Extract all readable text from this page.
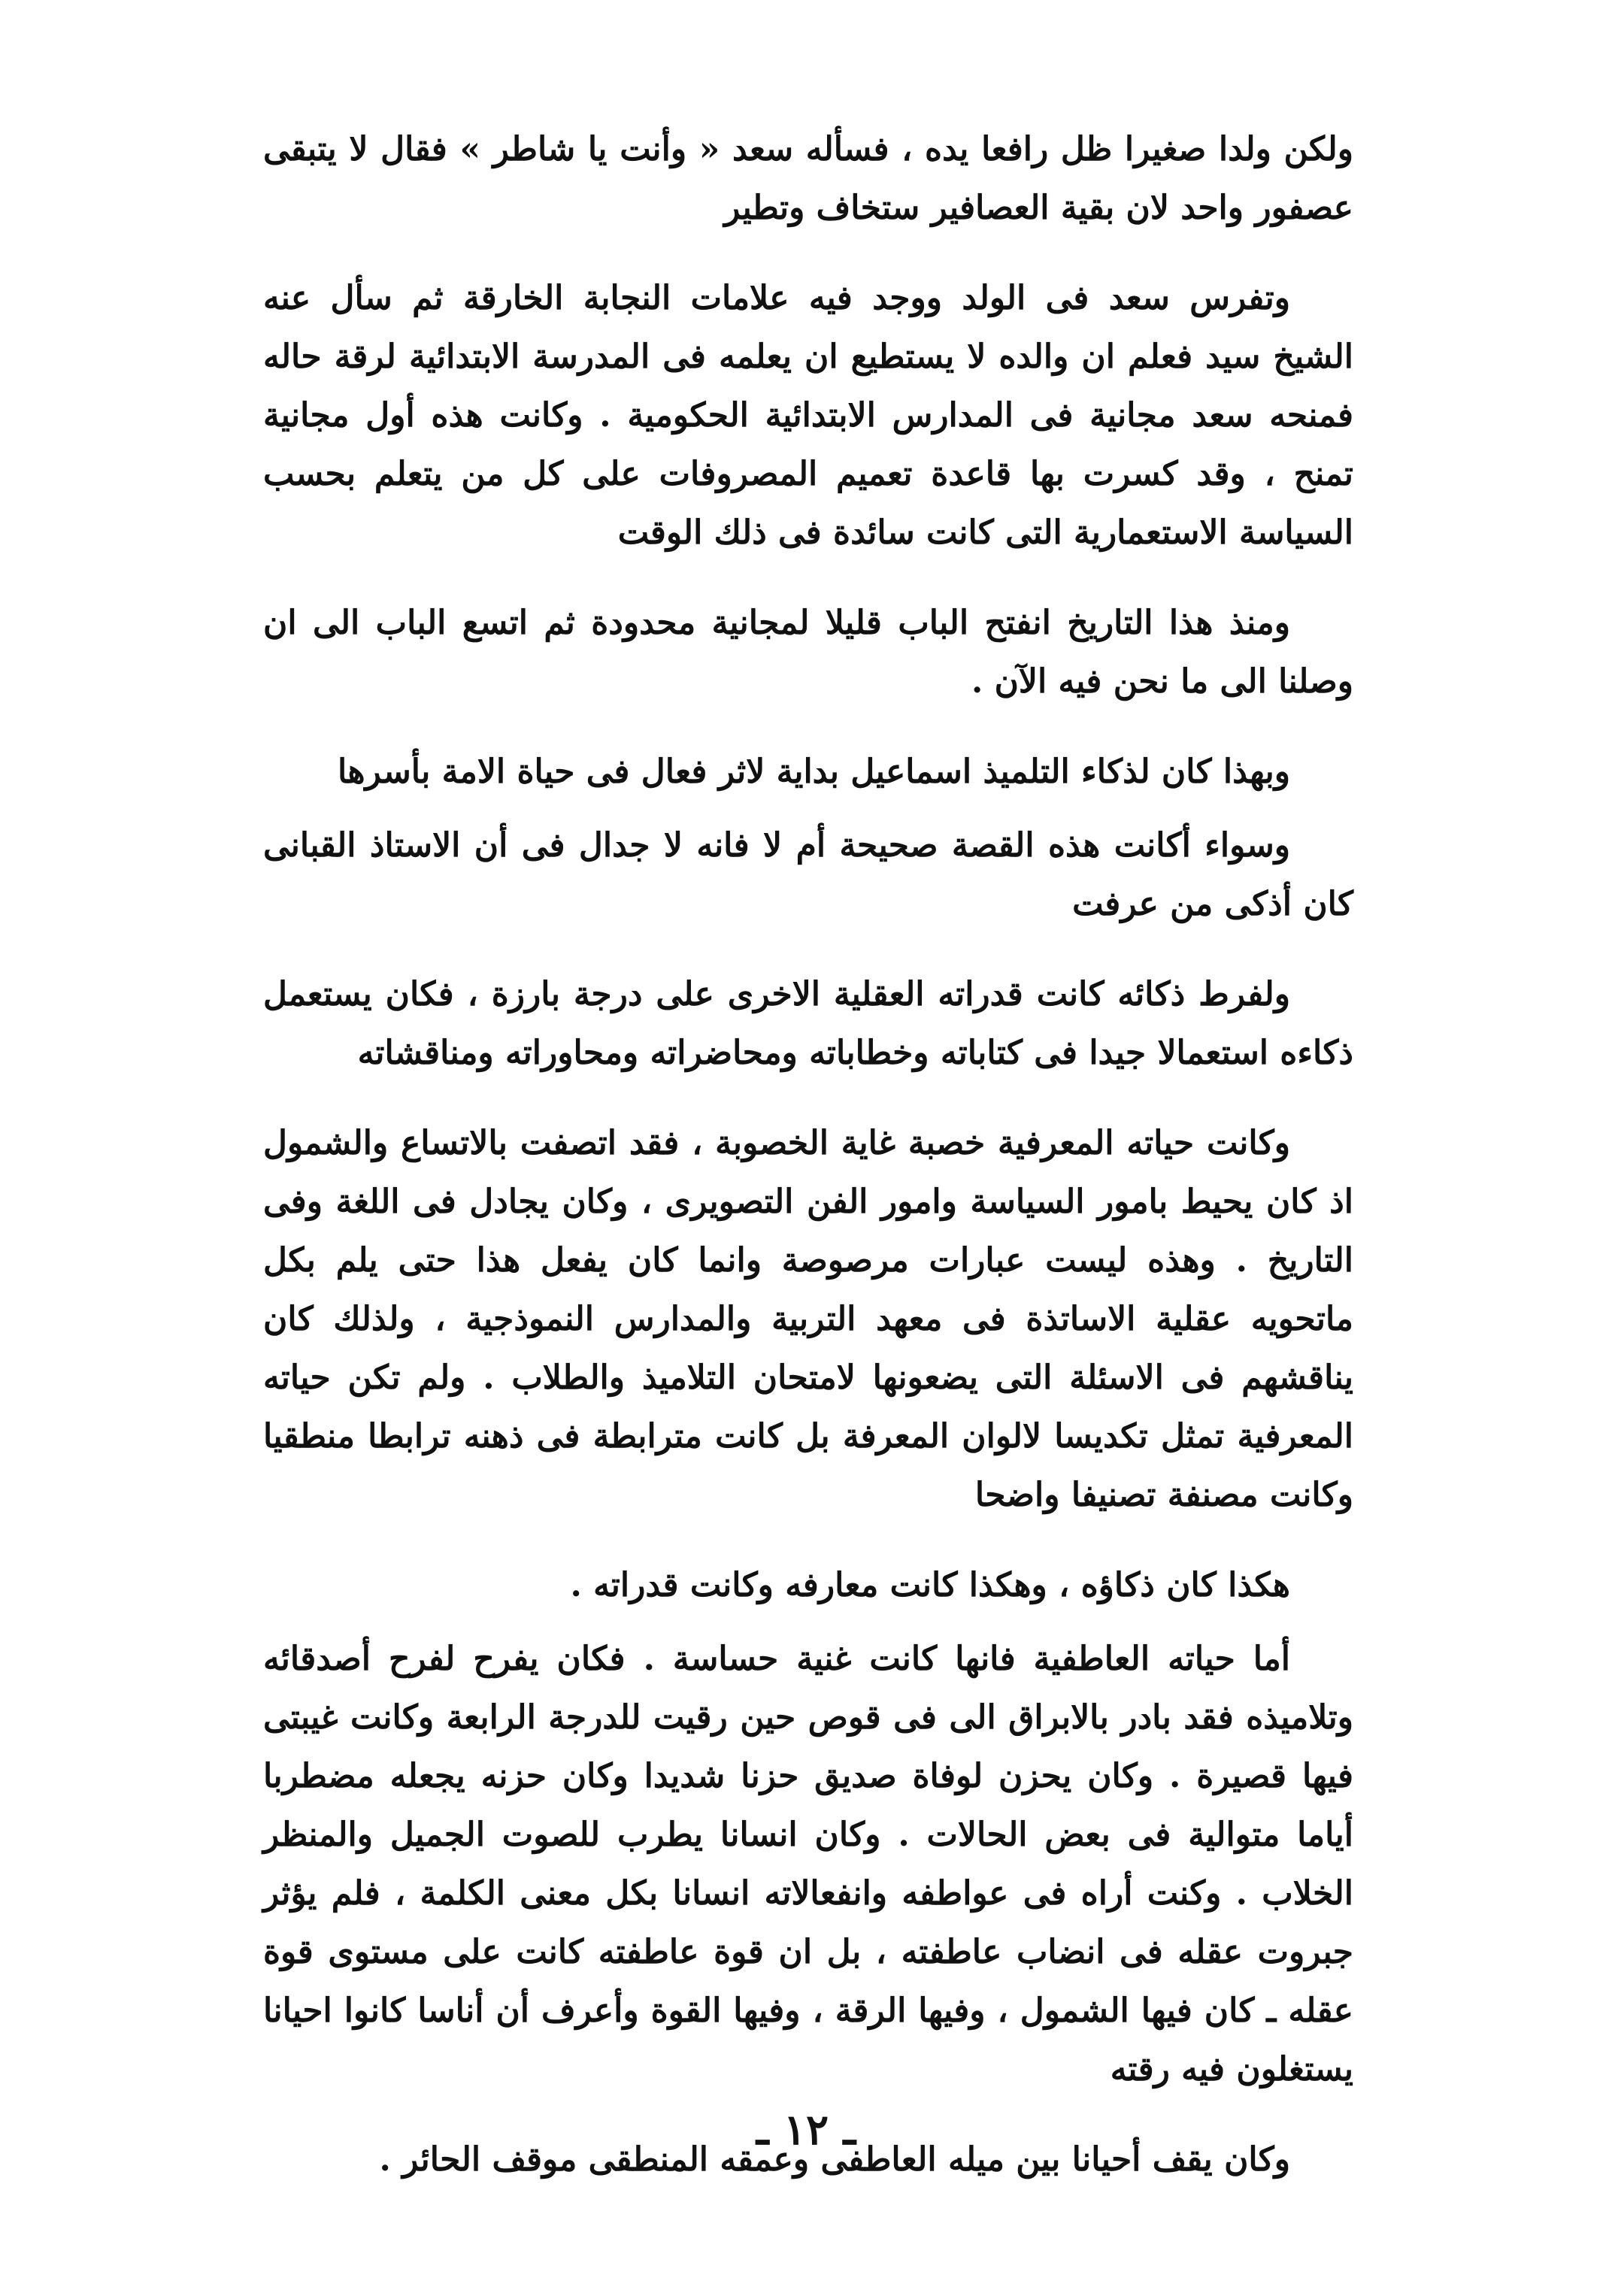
ولكن ولدا صغيرا ظل رافعا يده ، فسأله سعد « وأنت يا شاطر » فقال لا يتبقى عصفور واحد لان بقية العصافير ستخاف وتطير

وتفرس سعد فى الولد ووجد فيه علامات النجابة الخارقة ثم سأل عنه الشيخ سيد فعلم ان والده لا يستطيع ان يعلمه فى المدرسة الابتدائية لرقة حاله فمنحه سعد مجانية فى المدارس الابتدائية الحكومية . وكانت هذه أول مجانية تمنح ، وقد كسرت بها قاعدة تعميم المصروفات على كل من يتعلم بحسب السياسة الاستعمارية التى كانت سائدة فى ذلك الوقت

ومنذ هذا التاريخ انفتح الباب قليلا لمجانية محدودة ثم اتسع الباب الى ان وصلنا الى ما نحن فيه الآن .

وبهذا كان لذكاء التلميذ اسماعيل بداية لاثر فعال فى حياة الامة بأسرها

وسواء أكانت هذه القصة صحيحة أم لا فانه لا جدال فى أن الاستاذ القبانى كان أذكى من عرفت

ولفرط ذكائه كانت قدراته العقلية الاخرى على درجة بارزة ، فكان يستعمل ذكاءه استعمالا جيدا فى كتاباته وخطاباته ومحاضراته ومحاوراته ومناقشاته

وكانت حياته المعرفية خصبة غاية الخصوبة ، فقد اتصفت بالاتساع والشمول اذ كان يحيط بامور السياسة وامور الفن التصويرى ، وكان يجادل فى اللغة وفى التاريخ . وهذه ليست عبارات مرصوصة وانما كان يفعل هذا حتى يلم بكل ماتحويه عقلية الاساتذة فى معهد التربية والمدارس النموذجية ، ولذلك كان يناقشهم فى الاسئلة التى يضعونها لامتحان التلاميذ والطلاب . ولم تكن حياته المعرفية تمثل تكديسا لالوان المعرفة بل كانت مترابطة فى ذهنه ترابطا منطقيا وكانت مصنفة تصنيفا واضحا

هكذا كان ذكاؤه ، وهكذا كانت معارفه وكانت قدراته .

أما حياته العاطفية فانها كانت غنية حساسة . فكان يفرح لفرح أصدقائه وتلاميذه فقد بادر بالابراق الى فى قوص حين رقيت للدرجة الرابعة وكانت غيبتى فيها قصيرة . وكان يحزن لوفاة صديق حزنا شديدا وكان حزنه يجعله مضطربا أياما متوالية فى بعض الحالات . وكان انسانا يطرب للصوت الجميل والمنظر الخلاب . وكنت أراه فى عواطفه وانفعالاته انسانا بكل معنى الكلمة ، فلم يؤثر جبروت عقله فى انضاب عاطفته ، بل ان قوة عاطفته كانت على مستوى قوة عقله ـ كان فيها الشمول ، وفيها الرقة ، وفيها القوة وأعرف أن أناسا كانوا احيانا يستغلون فيه رقته

وكان يقف أحيانا بين ميله العاطفى وعمقه المنطقى موقف الحائر .

ـ ١٢ ـ
